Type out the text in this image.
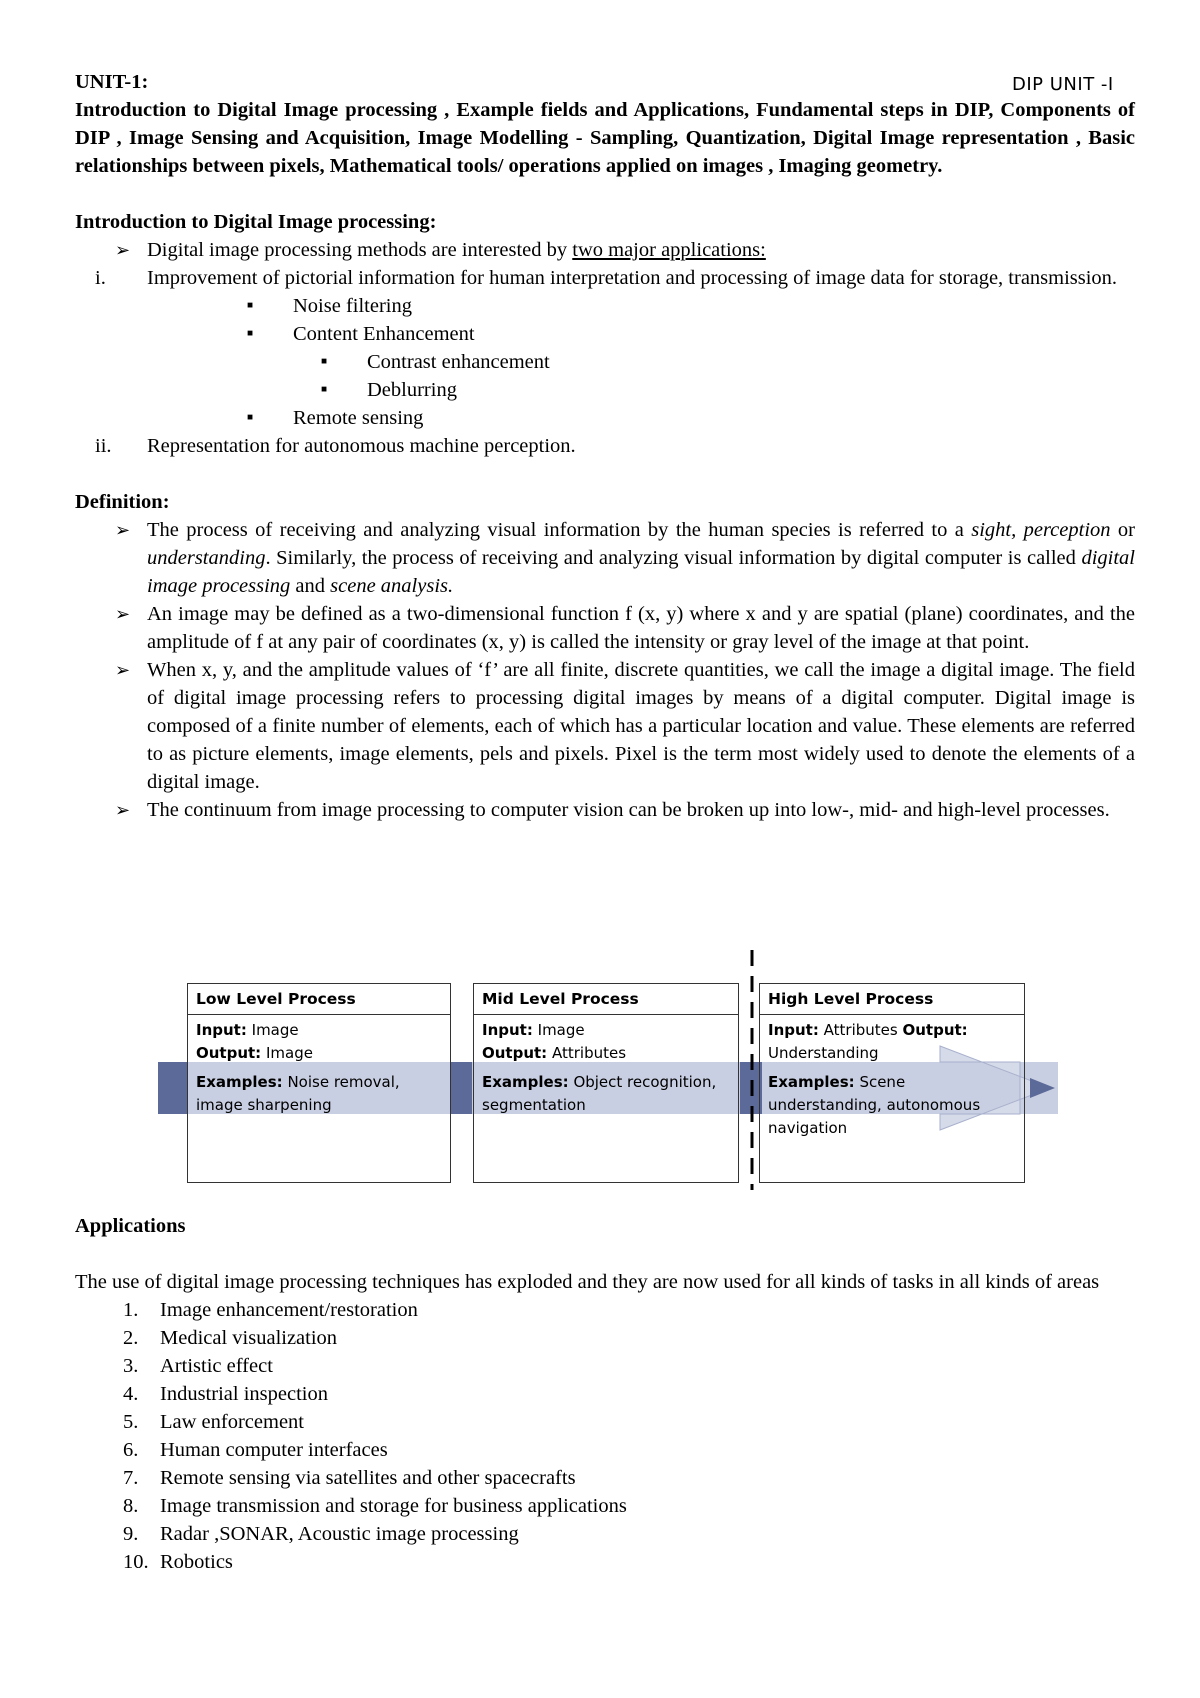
DIP UNIT -I
UNIT-1:
Introduction to Digital Image processing , Example fields and Applications, Fundamental steps in DIP, Components of DIP , Image Sensing and Acquisition, Image Modelling - Sampling, Quantization, Digital Image representation , Basic relationships between pixels, Mathematical tools/ operations applied on images , Imaging geometry.
Introduction to Digital Image processing:
➢ Digital image processing methods are interested by two major applications:
i.	Improvement of pictorial information for human interpretation and processing of image data for storage, transmission.
■ Noise filtering
■ Content Enhancement
■ Contrast enhancement
■ Deblurring
■ Remote sensing
ii.	Representation for autonomous machine perception.
Definition:
➢ The process of receiving and analyzing visual information by the human species is referred to a sight, perception or understanding. Similarly, the process of receiving and analyzing visual information by digital computer is called digital image processing and scene analysis.
➢ An image may be defined as a two-dimensional function f (x, y) where x and y are spatial (plane) coordinates, and the amplitude of f at any pair of coordinates (x, y) is called the intensity or gray level of the image at that point.
➢ When x, y, and the amplitude values of ‘f’ are all finite, discrete quantities, we call the image a digital image. The field of digital image processing refers to processing digital images by means of a digital computer. Digital image is composed of a finite number of elements, each of which has a particular location and value. These elements are referred to as picture elements, image elements, pels and pixels. Pixel is the term most widely used to denote the elements of a digital image.
➢ The continuum from image processing to computer vision can be broken up into low-, mid- and high-level processes.
Low Level Process
Input: Image
Output: Image
Examples: Noise removal, image sharpening
Mid Level Process
Input: Image
Output: Attributes
Examples: Object recognition, segmentation
High Level Process
Input: Attributes Output:
Understanding
Examples: Scene understanding, autonomous navigation
Applications
The use of digital image processing techniques has exploded and they are now used for all kinds of tasks in all kinds of areas
1.	Image enhancement/restoration
2.	Medical visualization
3.	Artistic effect
4.	Industrial inspection
5.	Law enforcement
6.	Human computer interfaces
7.	Remote sensing via satellites and other spacecrafts
8.	Image transmission and storage for business applications
9.	Radar ,SONAR, Acoustic image processing
10. Robotics
